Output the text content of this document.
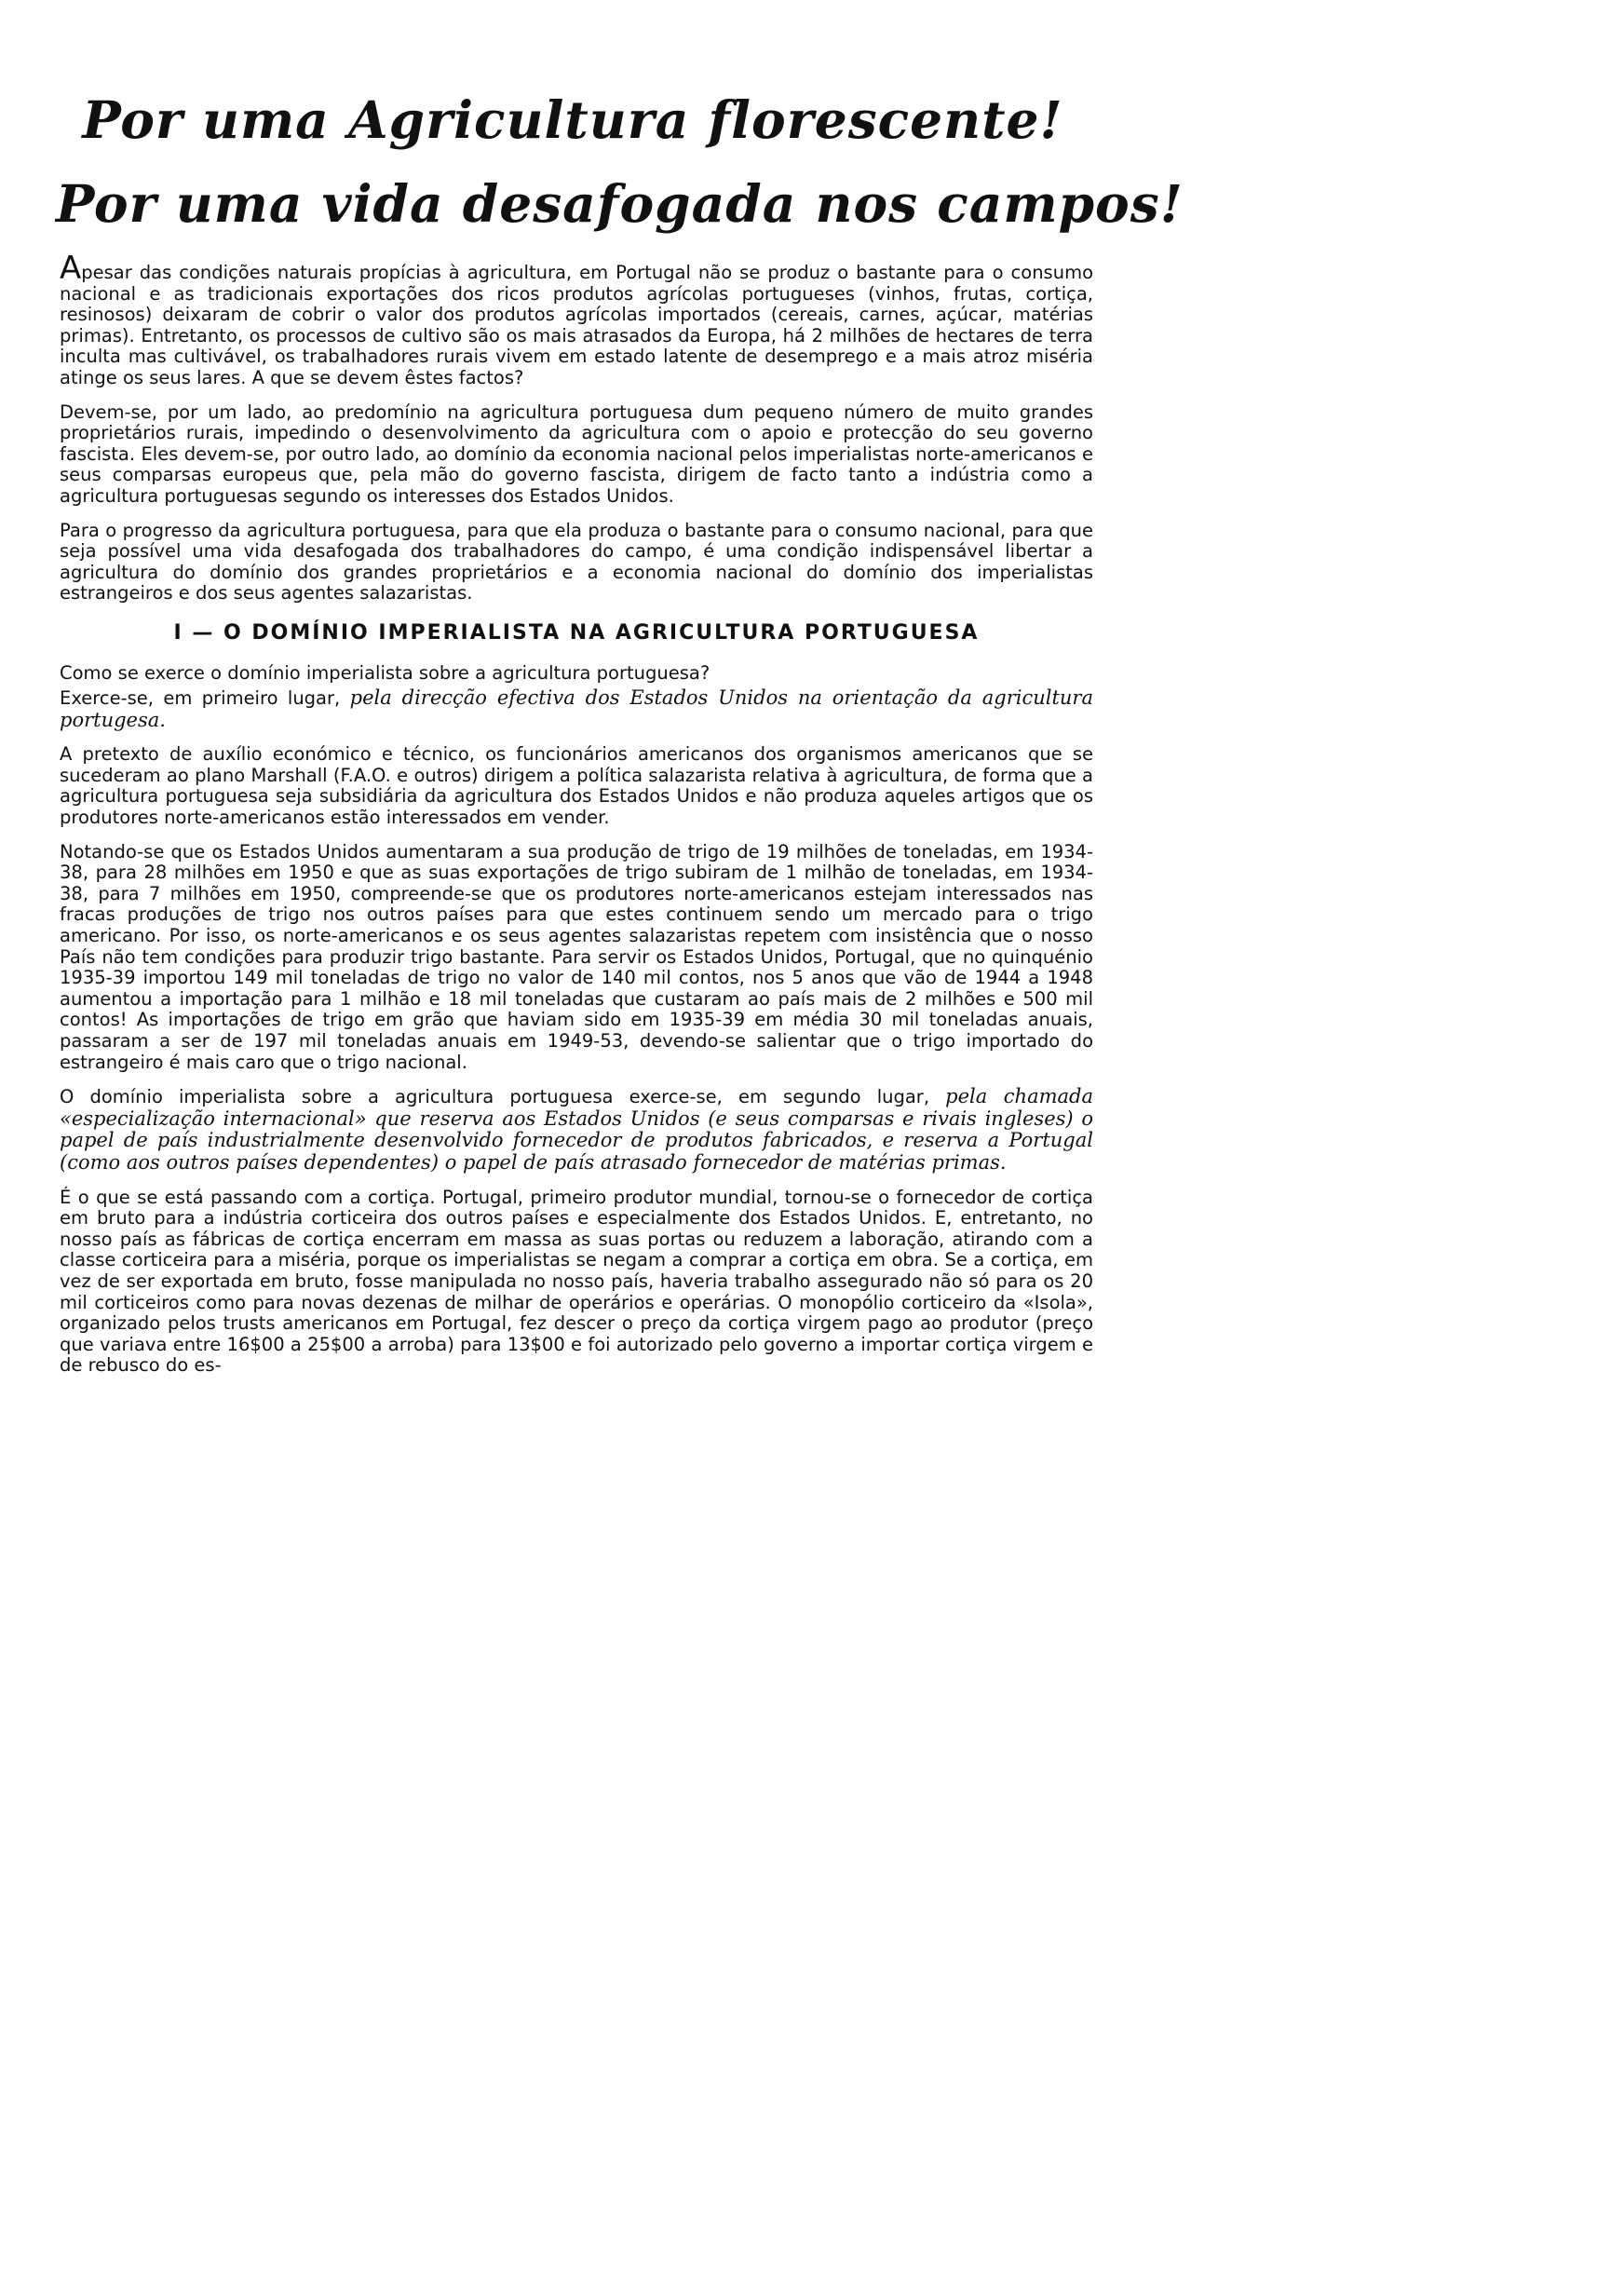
Por uma Agricultura florescente!
Por uma vida desafogada nos campos!

Apesar das condições naturais propícias à agricultura, em Portugal não se produz o bastante para o consumo nacional e as tradicionais exportações dos ricos produtos agrícolas portugueses (vinhos, frutas, cortiça, resinosos) deixaram de cobrir o valor dos produtos agrícolas importados (cereais, carnes, açúcar, matérias primas). Entretanto, os processos de cultivo são os mais atrasados da Europa, há 2 milhões de hectares de terra inculta mas cultivável, os trabalhadores rurais vivem em estado latente de desemprego e a mais atroz miséria atinge os seus lares. A que se devem êstes factos?

Devem-se, por um lado, ao predomínio na agricultura portuguesa dum pequeno número de muito grandes proprietários rurais, impedindo o desenvolvimento da agricultura com o apoio e protecção do seu governo fascista. Eles devem-se, por outro lado, ao domínio da economia nacional pelos imperialistas norte-americanos e seus comparsas europeus que, pela mão do governo fascista, dirigem de facto tanto a indústria como a agricultura portuguesas segundo os interesses dos Estados Unidos.

Para o progresso da agricultura portuguesa, para que ela produza o bastante para o consumo nacional, para que seja possível uma vida desafogada dos trabalhadores do campo, é uma condição indispensável libertar a agricultura do domínio dos grandes proprietários e a economia nacional do domínio dos imperialistas estrangeiros e dos seus agentes salazaristas.

I — O DOMÍNIO IMPERIALISTA NA AGRICULTURA PORTUGUESA

Como se exerce o domínio imperialista sobre a agricultura portuguesa?

Exerce-se, em primeiro lugar, pela direcção efectiva dos Estados Unidos na orientação da agricultura portugesa.

A pretexto de auxílio económico e técnico, os funcionários americanos dos organismos americanos que se sucederam ao plano Marshall (F.A.O. e outros) dirigem a política salazarista relativa à agricultura, de forma que a agricultura portuguesa seja subsidiária da agricultura dos Estados Unidos e não produza aqueles artigos que os produtores norte-americanos estão interessados em vender.

Notando-se que os Estados Unidos aumentaram a sua produção de trigo de 19 milhões de toneladas, em 1934-38, para 28 milhões em 1950 e que as suas exportações de trigo subiram de 1 milhão de toneladas, em 1934-38, para 7 milhões em 1950, compreende-se que os produtores norte-americanos estejam interessados nas fracas produções de trigo nos outros países para que estes continuem sendo um mercado para o trigo americano. Por isso, os norte-americanos e os seus agentes salazaristas repetem com insistência que o nosso País não tem condições para produzir trigo bastante. Para servir os Estados Unidos, Portugal, que no quinquénio 1935-39 importou 149 mil toneladas de trigo no valor de 140 mil contos, nos 5 anos que vão de 1944 a 1948 aumentou a importação para 1 milhão e 18 mil toneladas que custaram ao país mais de 2 milhões e 500 mil contos! As importações de trigo em grão que haviam sido em 1935-39 em média 30 mil toneladas anuais, passaram a ser de 197 mil toneladas anuais em 1949-53, devendo-se salientar que o trigo importado do estrangeiro é mais caro que o trigo nacional.

O domínio imperialista sobre a agricultura portuguesa exerce-se, em segundo lugar, pela chamada «especialização internacional» que reserva aos Estados Unidos (e seus comparsas e rivais ingleses) o papel de país industrialmente desenvolvido fornecedor de produtos fabricados, e reserva a Portugal (como aos outros países dependentes) o papel de país atrasado fornecedor de matérias primas.

É o que se está passando com a cortiça. Portugal, primeiro produtor mundial, tornou-se o fornecedor de cortiça em bruto para a indústria corticeira dos outros países e especialmente dos Estados Unidos. E, entretanto, no nosso país as fábricas de cortiça encerram em massa as suas portas ou reduzem a laboração, atirando com a classe corticeira para a miséria, porque os imperialistas se negam a comprar a cortiça em obra. Se a cortiça, em vez de ser exportada em bruto, fosse manipulada no nosso país, haveria trabalho assegurado não só para os 20 mil corticeiros como para novas dezenas de milhar de operários e operárias. O monopólio corticeiro da «Isola», organizado pelos trusts americanos em Portugal, fez descer o preço da cortiça virgem pago ao produtor (preço que variava entre 16$00 a 25$00 a arroba) para 13$00 e foi autorizado pelo governo a importar cortiça virgem e de rebusco do es-
